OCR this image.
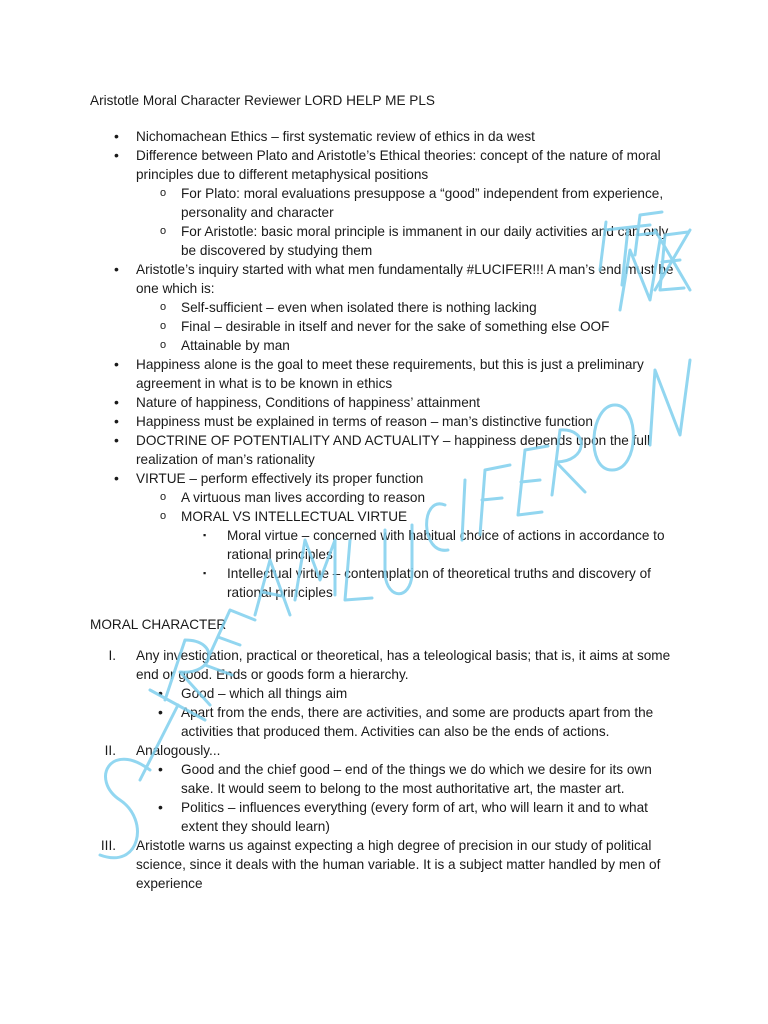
Aristotle Moral Character Reviewer LORD HELP ME PLS
• Nichomachean Ethics – first systematic review of ethics in da west
• Difference between Plato and Aristotle’s Ethical theories: concept of the nature of moral principles due to different metaphysical positions
o For Plato: moral evaluations presuppose a “good” independent from experience, personality and character
o For Aristotle: basic moral principle is immanent in our daily activities and can only be discovered by studying them
• Aristotle’s inquiry started with what men fundamentally #LUCIFER!!! A man’s end must be one which is:
o Self-sufficient – even when isolated there is nothing lacking
o Final – desirable in itself and never for the sake of something else OOF
o Attainable by man
• Happiness alone is the goal to meet these requirements, but this is just a preliminary agreement in what is to be known in ethics
• Nature of happiness, Conditions of happiness’ attainment
• Happiness must be explained in terms of reason – man’s distinctive function
• DOCTRINE OF POTENTIALITY AND ACTUALITY – happiness depends upon the full realization of man’s rationality
• VIRTUE – perform effectively its proper function
o A virtuous man lives according to reason
o MORAL VS INTELLECTUAL VIRTUE
▪ Moral virtue – concerned with habitual choice of actions in accordance to rational principles
▪ Intellectual virtue – contemplation of theoretical truths and discovery of rational principles
MORAL CHARACTER
I. Any investigation, practical or theoretical, has a teleological basis; that is, it aims at some end or good. Ends or goods form a hierarchy.
• Good – which all things aim
• Apart from the ends, there are activities, and some are products apart from the activities that produced them. Activities can also be the ends of actions.
II. Analogously...
• Good and the chief good – end of the things we do which we desire for its own sake. It would seem to belong to the most authoritative art, the master art.
• Politics – influences everything (every form of art, who will learn it and to what extent they should learn)
III. Aristotle warns us against expecting a high degree of precision in our study of political science, since it deals with the human variable. It is a subject matter handled by men of experience
